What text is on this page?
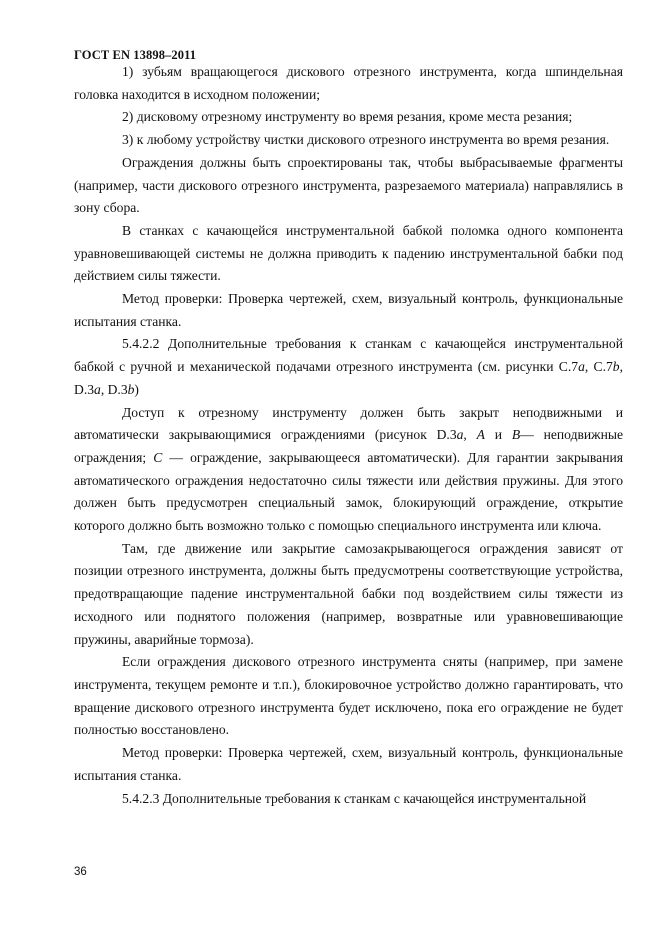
ГОСТ EN 13898–2011

1) зубьям вращающегося дискового отрезного инструмента, когда шпиндельная головка находится в исходном положении;

2) дисковому отрезному инструменту во время резания, кроме места резания;

3) к любому устройству чистки дискового отрезного инструмента во время резания.

Ограждения должны быть спроектированы так, чтобы выбрасываемые фрагменты (например, части дискового отрезного инструмента, разрезаемого материала) направлялись в зону сбора.

В станках с качающейся инструментальной бабкой поломка одного компонента уравновешивающей системы не должна приводить к падению инструментальной бабки под действием силы тяжести.

Метод проверки: Проверка чертежей, схем, визуальный контроль, функциональные испытания станка.

5.4.2.2 Дополнительные требования к станкам с качающейся инструментальной бабкой с ручной и механической подачами отрезного инструмента (см. рисунки С.7a, С.7b, D.3a, D.3b)

Доступ к отрезному инструменту должен быть закрыт неподвижными и автоматически закрывающимися ограждениями (рисунок D.3a, A и B— неподвижные ограждения; C — ограждение, закрывающееся автоматически). Для гарантии закрывания автоматического ограждения недостаточно силы тяжести или действия пружины. Для этого должен быть предусмотрен специальный замок, блокирующий ограждение, открытие которого должно быть возможно только с помощью специального инструмента или ключа.

Там, где движение или закрытие самозакрывающегося ограждения зависят от позиции отрезного инструмента, должны быть предусмотрены соответствующие устройства, предотвращающие падение инструментальной бабки под воздействием силы тяжести из исходного или поднятого положения (например, возвратные или уравновешивающие пружины, аварийные тормоза).

Если ограждения дискового отрезного инструмента сняты (например, при замене инструмента, текущем ремонте и т.п.), блокировочное устройство должно гарантировать, что вращение дискового отрезного инструмента будет исключено, пока его ограждение не будет полностью восстановлено.

Метод проверки: Проверка чертежей, схем, визуальный контроль, функциональные испытания станка.

5.4.2.3 Дополнительные требования к станкам с качающейся инструментальной

36
